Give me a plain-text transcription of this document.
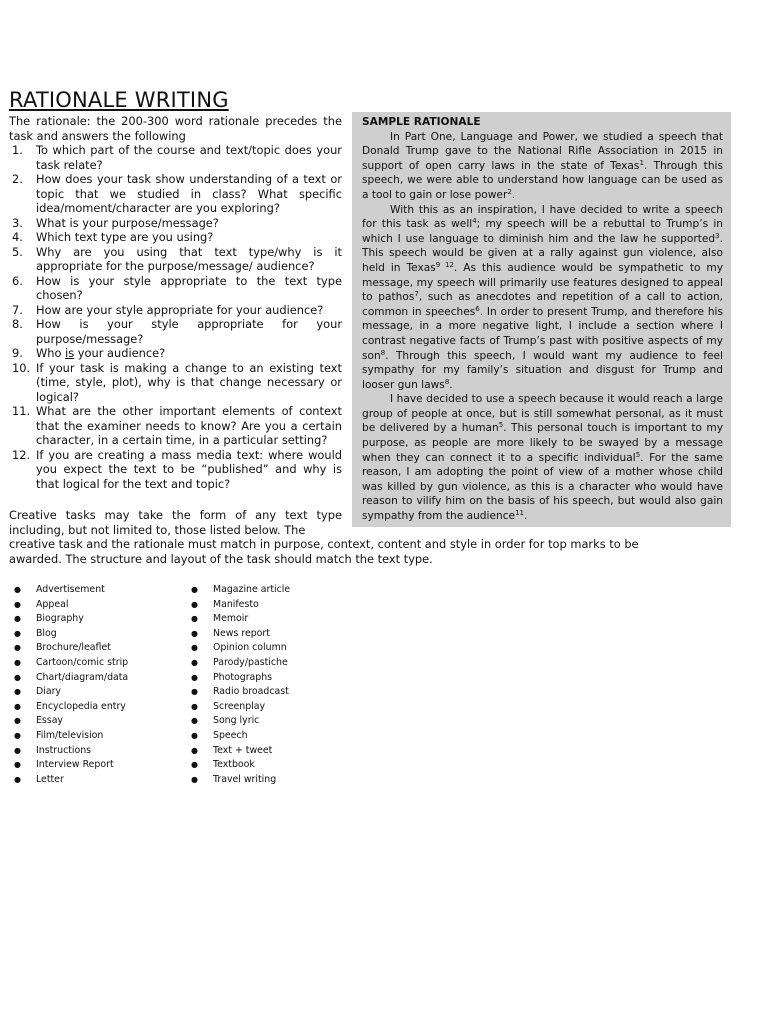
RATIONALE WRITING
The rationale: the 200-300 word rationale precedes the task and answers the following
1. To which part of the course and text/topic does your task relate?
2. How does your task show understanding of a text or topic that we studied in class? What specific idea/moment/character are you exploring?
3. What is your purpose/message?
4. Which text type are you using?
5. Why are you using that text type/why is it appropriate for the purpose/message/ audience?
6. How is your style appropriate to the text type chosen?
7. How are your style appropriate for your audience?
8. How is your style appropriate for your purpose/message?
9. Who is your audience?
10. If your task is making a change to an existing text (time, style, plot), why is that change necessary or logical?
11. What are the other important elements of context that the examiner needs to know? Are you a certain character, in a certain time, in a particular setting?
12. If you are creating a mass media text: where would you expect the text to be “published” and why is that logical for the text and topic?
SAMPLE RATIONALE

In Part One, Language and Power, we studied a speech that Donald Trump gave to the National Rifle Association in 2015 in support of open carry laws in the state of Texas$^1$. Through this speech, we were able to understand how language can be used as a tool to gain or lose power$^2$.

With this as an inspiration, I have decided to write a speech for this task as well$^4$; my speech will be a rebuttal to Trump’s in which I use language to diminish him and the law he supported$^3$. This speech would be given at a rally against gun violence, also held in Texas$^{9 12}$. As this audience would be sympathetic to my message, my speech will primarily use features designed to appeal to pathos$^7$, such as anecdotes and repetition of a call to action, common in speeches$^6$. In order to present Trump, and therefore his message, in a more negative light, I include a section where I contrast negative facts of Trump’s past with positive aspects of my son$^8$. Through this speech, I would want my audience to feel sympathy for my family’s situation and disgust for Trump and looser gun laws$^8$.

I have decided to use a speech because it would reach a large group of people at once, but is still somewhat personal, as it must be delivered by a human$^5$. This personal touch is important to my purpose, as people are more likely to be swayed by a message when they can connect it to a specific individual$^5$. For the same reason, I am adopting the point of view of a mother whose child was killed by gun violence, as this is a character who would have reason to vilify him on the basis of his speech, but would also gain sympathy from the audience$^{11}$.

Creative tasks may take the form of any text type including, but not limited to, those listed below. The
creative task and the rationale must match in purpose, context, content and style in order for top marks to be awarded. The structure and layout of the task should match the text type.
● Advertisement
● Appeal
● Biography
● Blog
● Brochure/leaflet
● Cartoon/comic strip
● Chart/diagram/data
● Diary
● Encyclopedia entry
● Essay
● Film/television
● Instructions
● Interview Report
● Letter
● Magazine article
● Manifesto
● Memoir
● News report
● Opinion column
● Parody/pastiche
● Photographs
● Radio broadcast
● Screenplay
● Song lyric
● Speech
● Text + tweet
● Textbook
● Travel writing
